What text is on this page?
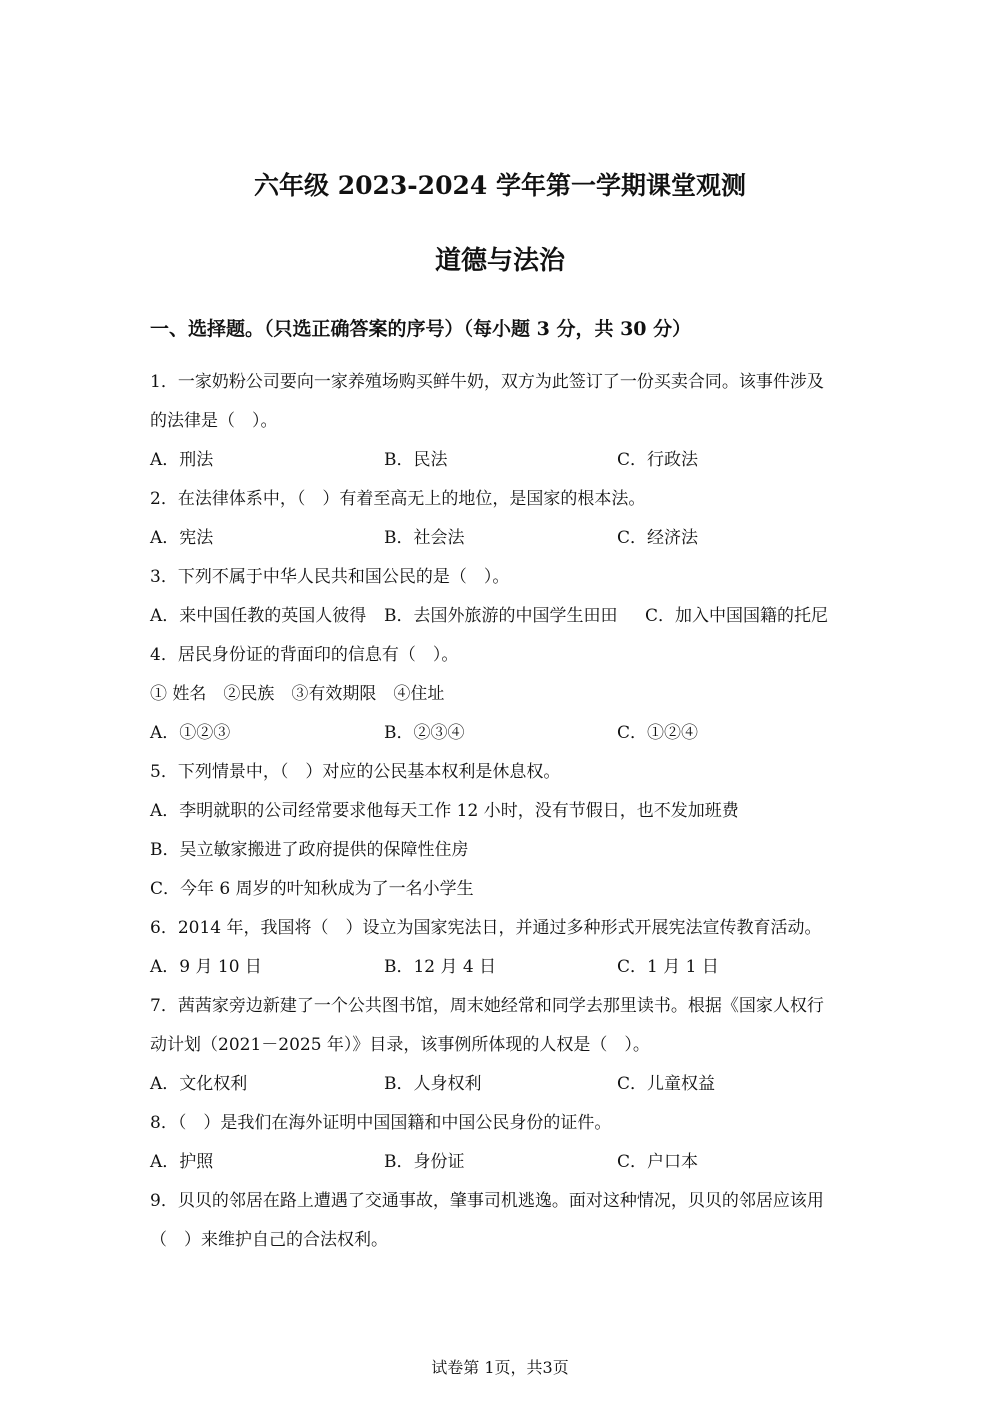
六年级 2023-2024 学年第一学期课堂观测
道德与法治
一、选择题。（只选正确答案的序号）（每小题 3 分，共 30 分）
1．一家奶粉公司要向一家养殖场购买鲜牛奶，双方为此签订了一份买卖合同。该事件涉及
的法律是（　）。
A．刑法	B．民法	C．行政法
2．在法律体系中，（　）有着至高无上的地位，是国家的根本法。
A．宪法	B．社会法	C．经济法
3．下列不属于中华人民共和国公民的是（　）。
A．来中国任教的英国人彼得 B．去国外旅游的中国学生田田 C．加入中国国籍的托尼
4．居民身份证的背面印的信息有（　）。
① 姓名　②民族　③有效期限　④住址
A．①②③	B．②③④	C．①②④
5．下列情景中，（　）对应的公民基本权利是休息权。
A．李明就职的公司经常要求他每天工作 12 小时，没有节假日，也不发加班费
B．吴立敏家搬进了政府提供的保障性住房
C．今年 6 周岁的叶知秋成为了一名小学生
6．2014 年，我国将（　）设立为国家宪法日，并通过多种形式开展宪法宣传教育活动。
A．9 月 10 日	B．12 月 4 日	C．1 月 1 日
7．茜茜家旁边新建了一个公共图书馆，周末她经常和同学去那里读书。根据《国家人权行
动计划（2021－2025 年）》目录，该事例所体现的人权是（　）。
A．文化权利	B．人身权利	C．儿童权益
8．（　）是我们在海外证明中国国籍和中国公民身份的证件。
A．护照	B．身份证	C．户口本
9．贝贝的邻居在路上遭遇了交通事故，肇事司机逃逸。面对这种情况，贝贝的邻居应该用
（　）来维护自己的合法权利。
试卷第 1页，共3页
